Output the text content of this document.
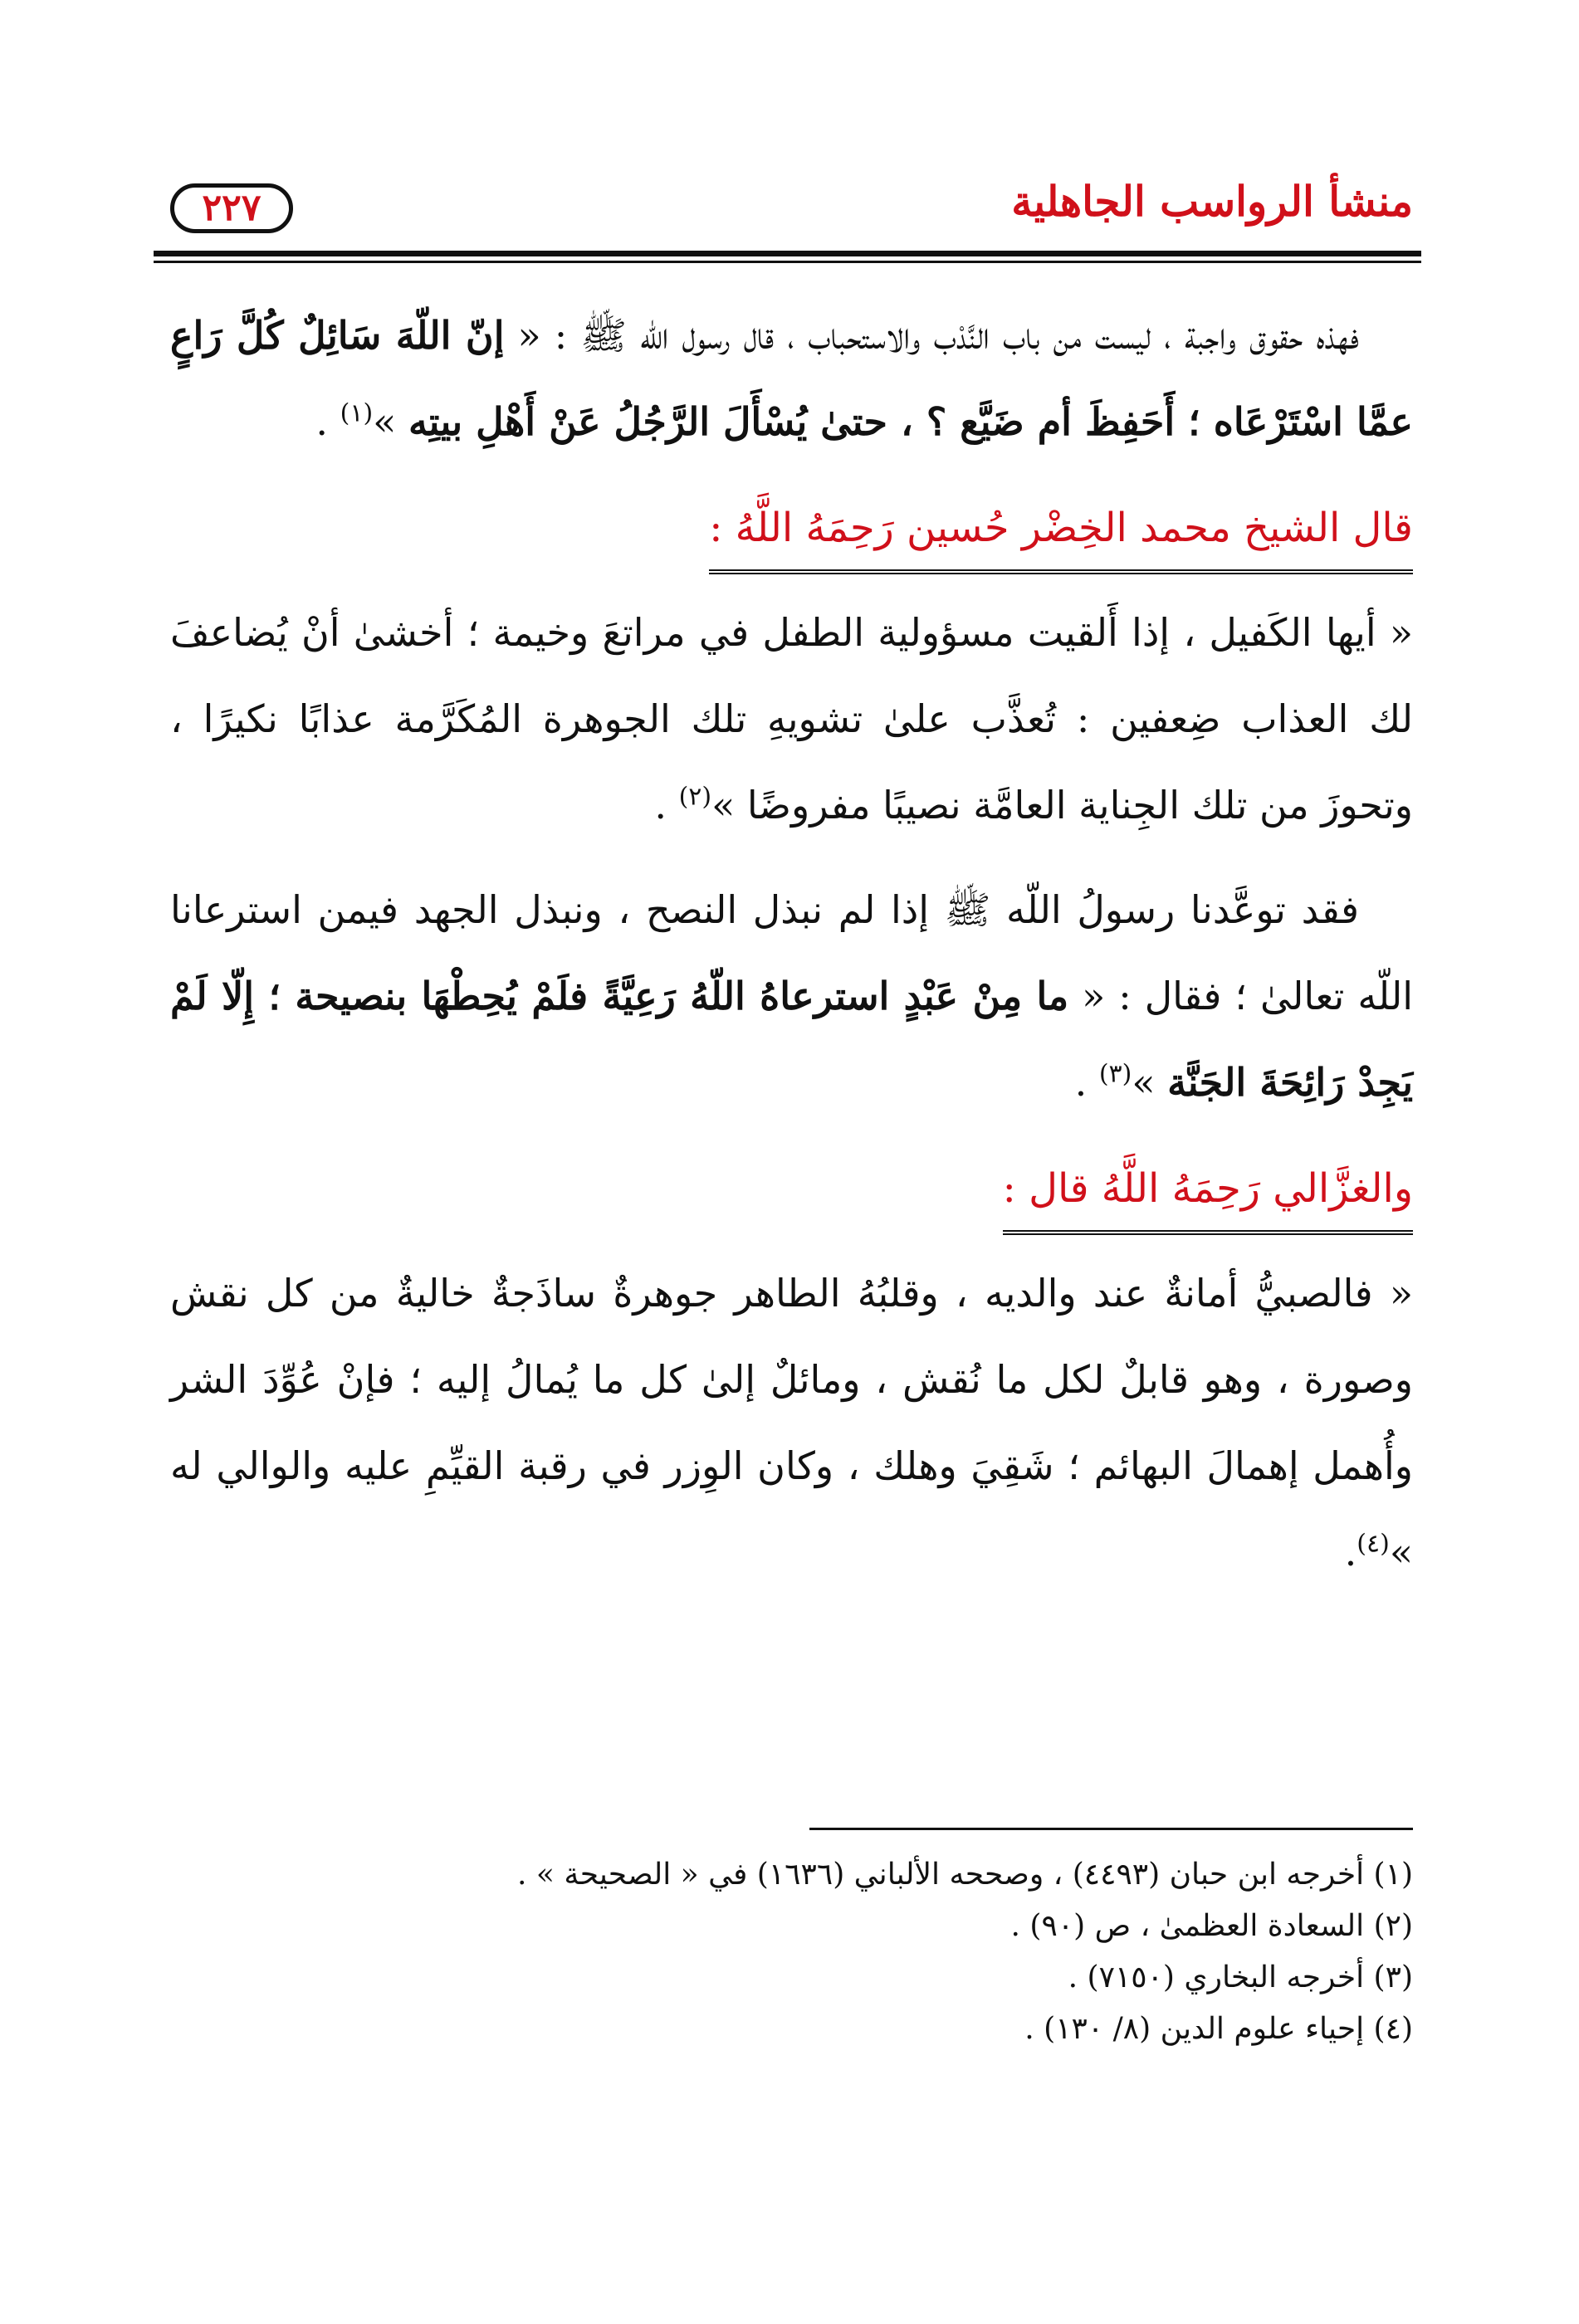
منشأ الرواسب الجاهلية
٢٢٧

فهذه حقوق واجبة ، ليست من باب النَّدْب والاستحباب ، قال رسول اللّه ﷺ : « إنّ اللّهَ سَائِلٌ كُلَّ رَاعٍ عمَّا اسْتَرْعَاه ؛ أَحَفِظَ أم ضَيَّع ؟ ، حتىٰ يُسْأَلَ الرَّجُلُ عَنْ أَهْلِ بيتِه »$^{(١)}$ .

قال الشيخ محمد الخِضْر حُسين رَحِمَهُ اللَّهُ :

« أيها الكَفيل ، إذا أَلقيت مسؤولية الطفل في مراتعَ وخيمة ؛ أخشىٰ أنْ يُضاعفَ لك العذاب ضِعفين : تُعذَّب علىٰ تشويهِ تلك الجوهرة المُكَرَّمة عذابًا نكيرًا ، وتحوزَ من تلك الجِناية العامَّة نصيبًا مفروضًا »$^{(٢)}$ .

فقد توعَّدنا رسولُ اللّه ﷺ إذا لم نبذل النصح ، ونبذل الجهد فيمن استرعانا اللّه تعالىٰ ؛ فقال : « ما مِنْ عَبْدٍ استرعاهُ اللّهُ رَعِيَّةً فلَمْ يُحِطْهَا بنصيحة ؛ إِلّا لَمْ يَجِدْ رَائِحَةَ الجَنَّة »$^{(٣)}$ .

والغزَّالي رَحِمَهُ اللَّهُ قال :

« فالصبيُّ أمانةٌ عند والديه ، وقلبُهُ الطاهر جوهرةٌ ساذَجةٌ خاليةٌ من كل نقش وصورة ، وهو قابلٌ لكل ما نُقش ، ومائلٌ إلىٰ كل ما يُمالُ إليه ؛ فإنْ عُوِّدَ الشر وأُهمل إهمالَ البهائم ؛ شَقِيَ وهلك ، وكان الوِزر في رقبة القيِّمِ عليه والوالي له »$^{(٤)}$.

(١) أخرجه ابن حبان (٤٤٩٣) ، وصححه الألباني (١٦٣٦) في « الصحيحة » .

(٢) السعادة العظمىٰ ، ص (٩٠) .

(٣) أخرجه البخاري (٧١٥٠) .

(٤) إحياء علوم الدين (٨/ ١٣٠) .
